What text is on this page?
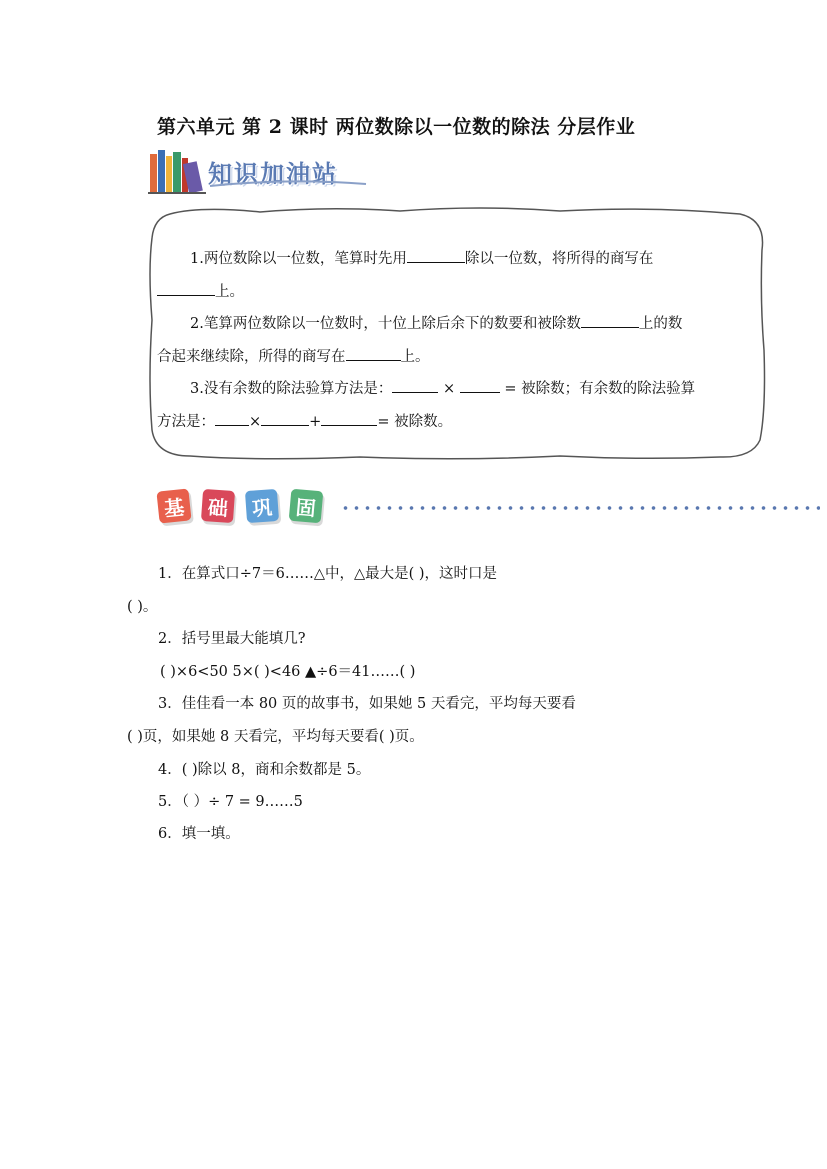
第六单元 第 2 课时 两位数除以一位数的除法 分层作业
知识加油站

1.两位数除以一位数，笔算时先用	除以一位数，将所得的商写在

上。

2.笔算两位数除以一位数时，十位上除后余下的数要和被除数	上的数

合起来继续除，所得的商写在	上。

3.没有余数的除法验算方法是：	×	= 被除数；有余数的除法验算

方法是： ×	+	= 被除数。

基	础	巩	固
1．在算式口÷7＝6……△中，△最大是( )，这时口是
( )。
2．括号里最大能填几?
( )×6<50 5×( )<46 ▲÷6＝41……( )
3．佳佳看一本 80 页的故事书，如果她 5 天看完，平均每天要看
( )页，如果她 8 天看完，平均每天要看( )页。
4．( )除以 8，商和余数都是 5。
5．（ ）÷ 7 = 9……5
6．填一填。
